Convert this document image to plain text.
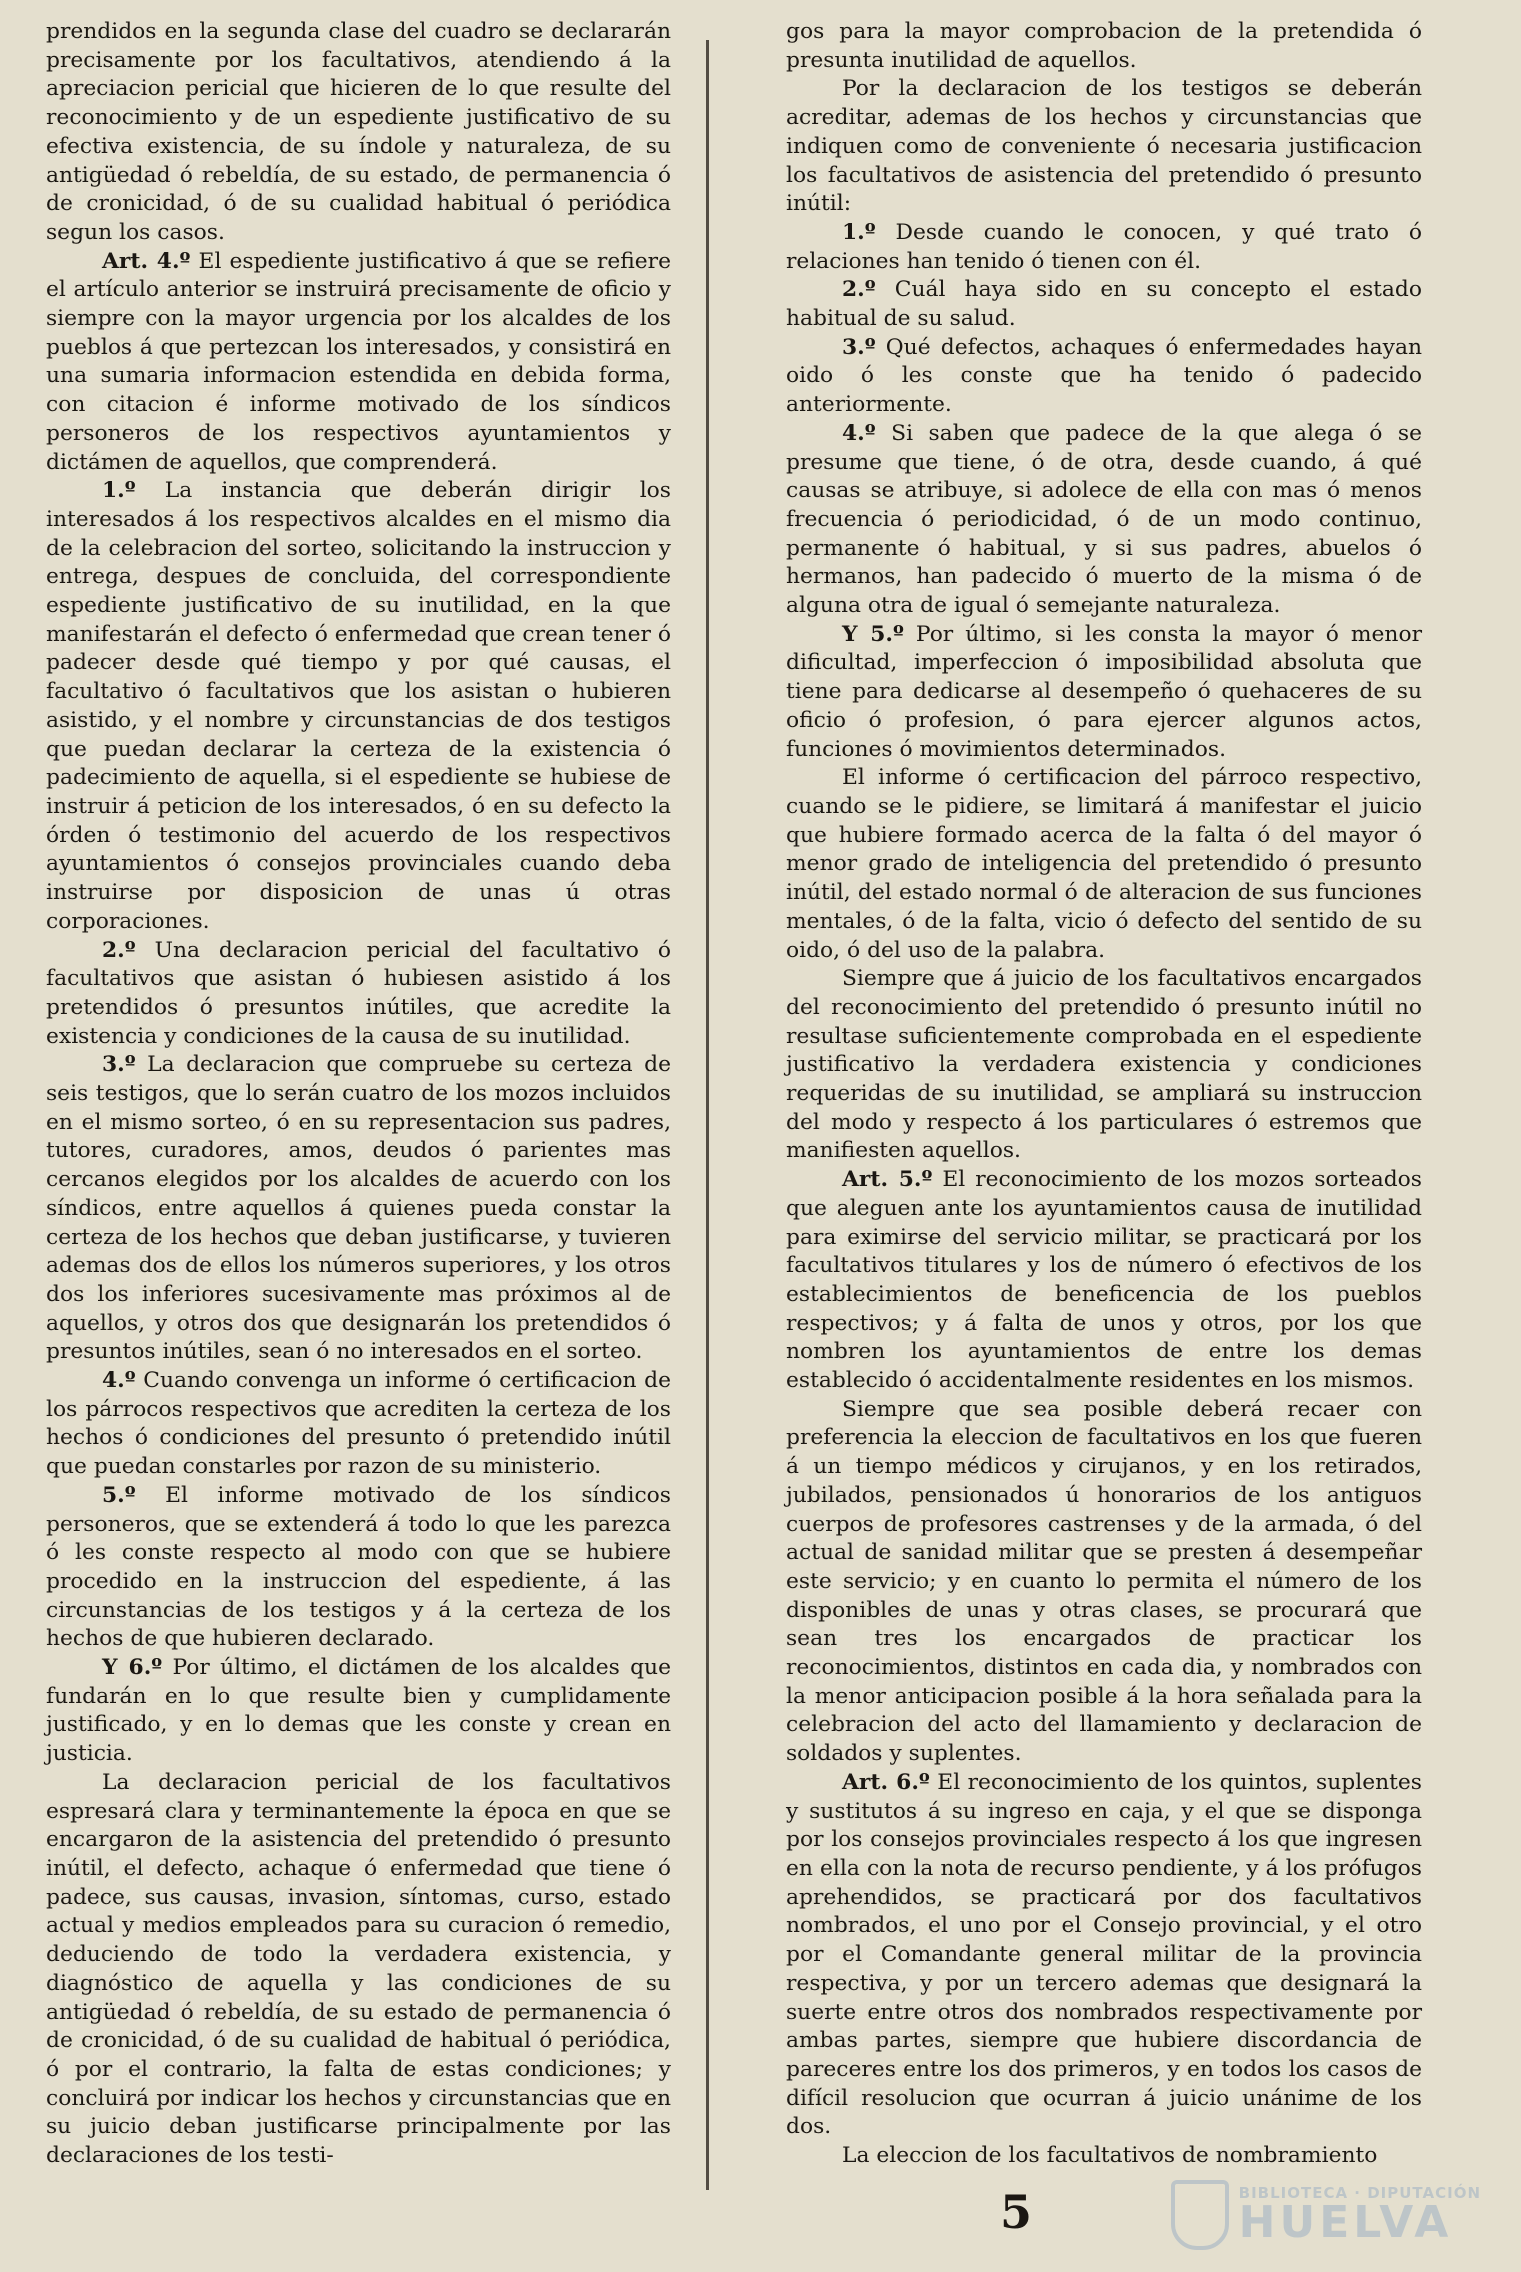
prendidos en la segunda clase del cuadro se declararán precisamente por los facultativos, atendiendo á la apreciacion pericial que hicieren de lo que resulte del reconocimiento y de un espediente justificativo de su efectiva existencia, de su índole y naturaleza, de su antigüedad ó rebeldía, de su estado, de permanencia ó de cronicidad, ó de su cualidad habitual ó periódica segun los casos.

Art. 4.º El espediente justificativo á que se refiere el artículo anterior se instruirá precisamente de oficio y siempre con la mayor urgencia por los alcaldes de los pueblos á que pertezcan los interesados, y consistirá en una sumaria informacion estendida en debida forma, con citacion é informe motivado de los síndicos personeros de los respectivos ayuntamientos y dictámen de aquellos, que comprenderá.

1.º La instancia que deberán dirigir los interesados á los respectivos alcaldes en el mismo dia de la celebracion del sorteo, solicitando la instruccion y entrega, despues de concluida, del correspondiente espediente justificativo de su inutilidad, en la que manifestarán el defecto ó enfermedad que crean tener ó padecer desde qué tiempo y por qué causas, el facultativo ó facultativos que los asistan o hubieren asistido, y el nombre y circunstancias de dos testigos que puedan declarar la certeza de la existencia ó padecimiento de aquella, si el espediente se hubiese de instruir á peticion de los interesados, ó en su defecto la órden ó testimonio del acuerdo de los respectivos ayuntamientos ó consejos provinciales cuando deba instruirse por disposicion de unas ú otras corporaciones.

2.º Una declaracion pericial del facultativo ó facultativos que asistan ó hubiesen asistido á los pretendidos ó presuntos inútiles, que acredite la existencia y condiciones de la causa de su inutilidad.

3.º La declaracion que compruebe su certeza de seis testigos, que lo serán cuatro de los mozos incluidos en el mismo sorteo, ó en su representacion sus padres, tutores, curadores, amos, deudos ó parientes mas cercanos elegidos por los alcaldes de acuerdo con los síndicos, entre aquellos á quienes pueda constar la certeza de los hechos que deban justificarse, y tuvieren ademas dos de ellos los números superiores, y los otros dos los inferiores sucesivamente mas próximos al de aquellos, y otros dos que designarán los pretendidos ó presuntos inútiles, sean ó no interesados en el sorteo.

4.º Cuando convenga un informe ó certificacion de los párrocos respectivos que acrediten la certeza de los hechos ó condiciones del presunto ó pretendido inútil que puedan constarles por razon de su ministerio.

5.º El informe motivado de los síndicos personeros, que se extenderá á todo lo que les parezca ó les conste respecto al modo con que se hubiere procedido en la instruccion del espediente, á las circunstancias de los testigos y á la certeza de los hechos de que hubieren declarado.

Y 6.º Por último, el dictámen de los alcaldes que fundarán en lo que resulte bien y cumplidamente justificado, y en lo demas que les conste y crean en justicia.

La declaracion pericial de los facultativos espresará clara y terminantemente la época en que se encargaron de la asistencia del pretendido ó presunto inútil, el defecto, achaque ó enfermedad que tiene ó padece, sus causas, invasion, síntomas, curso, estado actual y medios empleados para su curacion ó remedio, deduciendo de todo la verdadera existencia, y diagnóstico de aquella y las condiciones de su antigüedad ó rebeldía, de su estado de permanencia ó de cronicidad, ó de su cualidad de habitual ó periódica, ó por el contrario, la falta de estas condiciones; y concluirá por indicar los hechos y circunstancias que en su juicio deban justificarse principalmente por las declaraciones de los testi-

gos para la mayor comprobacion de la pretendida ó presunta inutilidad de aquellos.

Por la declaracion de los testigos se deberán acreditar, ademas de los hechos y circunstancias que indiquen como de conveniente ó necesaria justificacion los facultativos de asistencia del pretendido ó presunto inútil:

1.º Desde cuando le conocen, y qué trato ó relaciones han tenido ó tienen con él.

2.º Cuál haya sido en su concepto el estado habitual de su salud.

3.º Qué defectos, achaques ó enfermedades hayan oido ó les conste que ha tenido ó padecido anteriormente.

4.º Si saben que padece de la que alega ó se presume que tiene, ó de otra, desde cuando, á qué causas se atribuye, si adolece de ella con mas ó menos frecuencia ó periodicidad, ó de un modo continuo, permanente ó habitual, y si sus padres, abuelos ó hermanos, han padecido ó muerto de la misma ó de alguna otra de igual ó semejante naturaleza.

Y 5.º Por último, si les consta la mayor ó menor dificultad, imperfeccion ó imposibilidad absoluta que tiene para dedicarse al desempeño ó quehaceres de su oficio ó profesion, ó para ejercer algunos actos, funciones ó movimientos determinados.

El informe ó certificacion del párroco respectivo, cuando se le pidiere, se limitará á manifestar el juicio que hubiere formado acerca de la falta ó del mayor ó menor grado de inteligencia del pretendido ó presunto inútil, del estado normal ó de alteracion de sus funciones mentales, ó de la falta, vicio ó defecto del sentido de su oido, ó del uso de la palabra.

Siempre que á juicio de los facultativos encargados del reconocimiento del pretendido ó presunto inútil no resultase suficientemente comprobada en el espediente justificativo la verdadera existencia y condiciones requeridas de su inutilidad, se ampliará su instruccion del modo y respecto á los particulares ó estremos que manifiesten aquellos.

Art. 5.º El reconocimiento de los mozos sorteados que aleguen ante los ayuntamientos causa de inutilidad para eximirse del servicio militar, se practicará por los facultativos titulares y los de número ó efectivos de los establecimientos de beneficencia de los pueblos respectivos; y á falta de unos y otros, por los que nombren los ayuntamientos de entre los demas establecido ó accidentalmente residentes en los mismos.

Siempre que sea posible deberá recaer con preferencia la eleccion de facultativos en los que fueren á un tiempo médicos y cirujanos, y en los retirados, jubilados, pensionados ú honorarios de los antiguos cuerpos de profesores castrenses y de la armada, ó del actual de sanidad militar que se presten á desempeñar este servicio; y en cuanto lo permita el número de los disponibles de unas y otras clases, se procurará que sean tres los encargados de practicar los reconocimientos, distintos en cada dia, y nombrados con la menor anticipacion posible á la hora señalada para la celebracion del acto del llamamiento y declaracion de soldados y suplentes.

Art. 6.º El reconocimiento de los quintos, suplentes y sustitutos á su ingreso en caja, y el que se disponga por los consejos provinciales respecto á los que ingresen en ella con la nota de recurso pendiente, y á los prófugos aprehendidos, se practicará por dos facultativos nombrados, el uno por el Consejo provincial, y el otro por el Comandante general militar de la provincia respectiva, y por un tercero ademas que designará la suerte entre otros dos nombrados respectivamente por ambas partes, siempre que hubiere discordancia de pareceres entre los dos primeros, y en todos los casos de difícil resolucion que ocurran á juicio unánime de los dos.

La eleccion de los facultativos de nombramiento

5	BIBLIOTECA · DIPUTACIÓN
HUELVA
